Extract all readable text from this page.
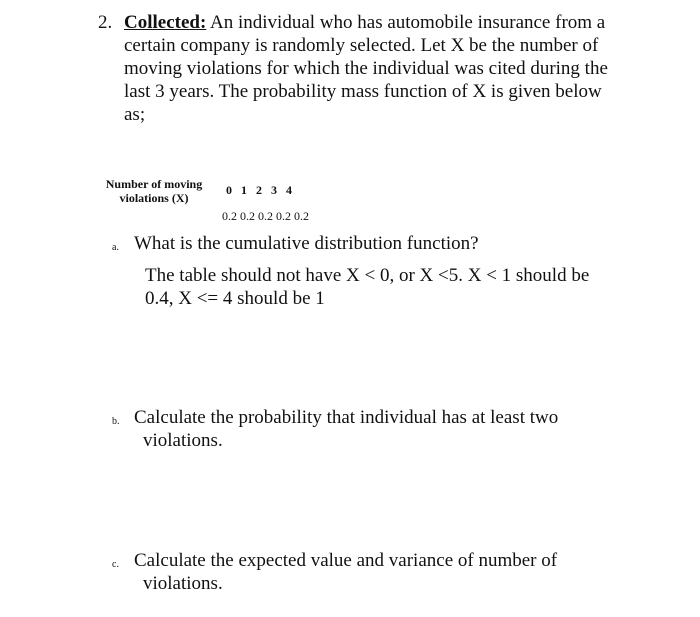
2. Collected: An individual who has automobile insurance from a certain company is randomly selected. Let X be the number of moving violations for which the individual was cited during the last 3 years. The probability mass function of X is given below as;
Number of moving violations (X)
0 1 2 3 4
0.2 0.2 0.2 0.2 0.2
a. What is the cumulative distribution function?
The table should not have X < 0, or X <5. X < 1 should be 0.4, X <= 4 should be 1
b. Calculate the probability that individual has at least two
violations.
c. Calculate the expected value and variance of number of
violations.
